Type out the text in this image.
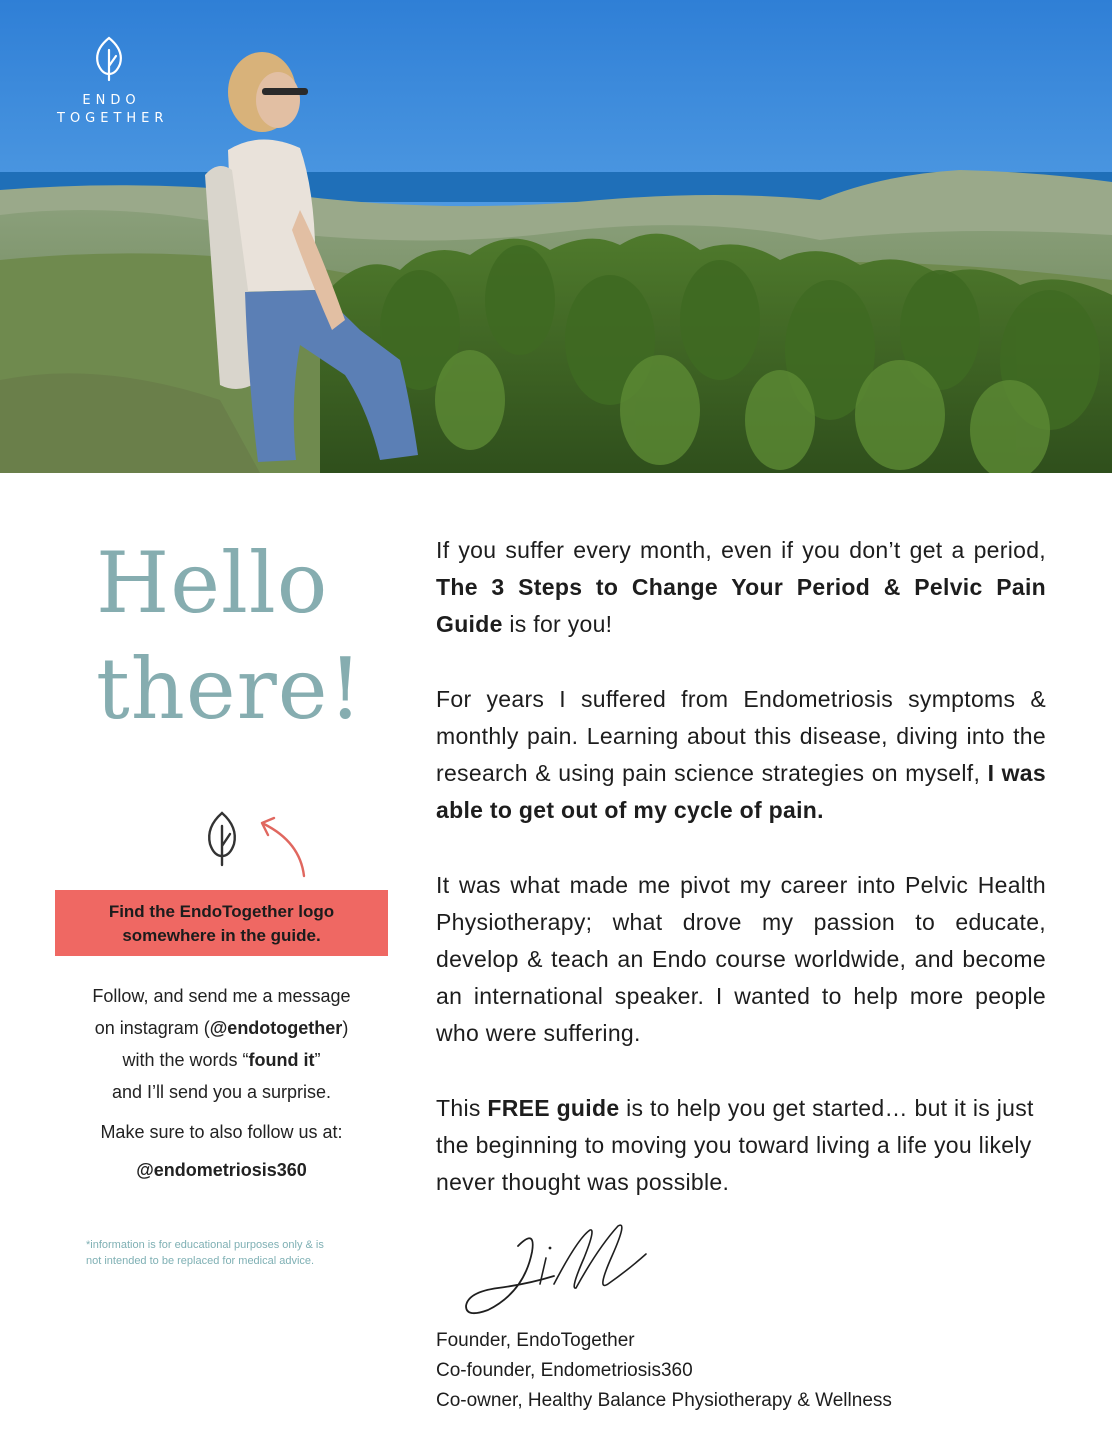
ENDO
TOGETHER
Hello
there!
Find the EndoTogether logo
somewhere in the guide.
Follow, and send me a message
on instagram (@endotogether)
with the words “found it”
and I’ll send you a surprise.
Make sure to also follow us at:
@endometriosis360
*information is for educational purposes only & is
not intended to be replaced for medical advice.

If you suffer every month, even if you don’t get a period, The 3 Steps to Change Your Period & Pelvic Pain Guide is for you!

For years I suffered from Endometriosis symptoms & monthly pain. Learning about this disease, diving into the research & using pain science strategies on myself, I was able to get out of my cycle of pain.

It was what made me pivot my career into Pelvic Health Physiotherapy; what drove my passion to educate, develop & teach an Endo course worldwide, and become an international speaker. I wanted to help more people who were suffering.

This FREE guide is to help you get started… but it is just the beginning to moving you toward living a life you likely never thought was possible.

Founder, EndoTogether
Co-founder, Endometriosis360
Co-owner, Healthy Balance Physiotherapy & Wellness
